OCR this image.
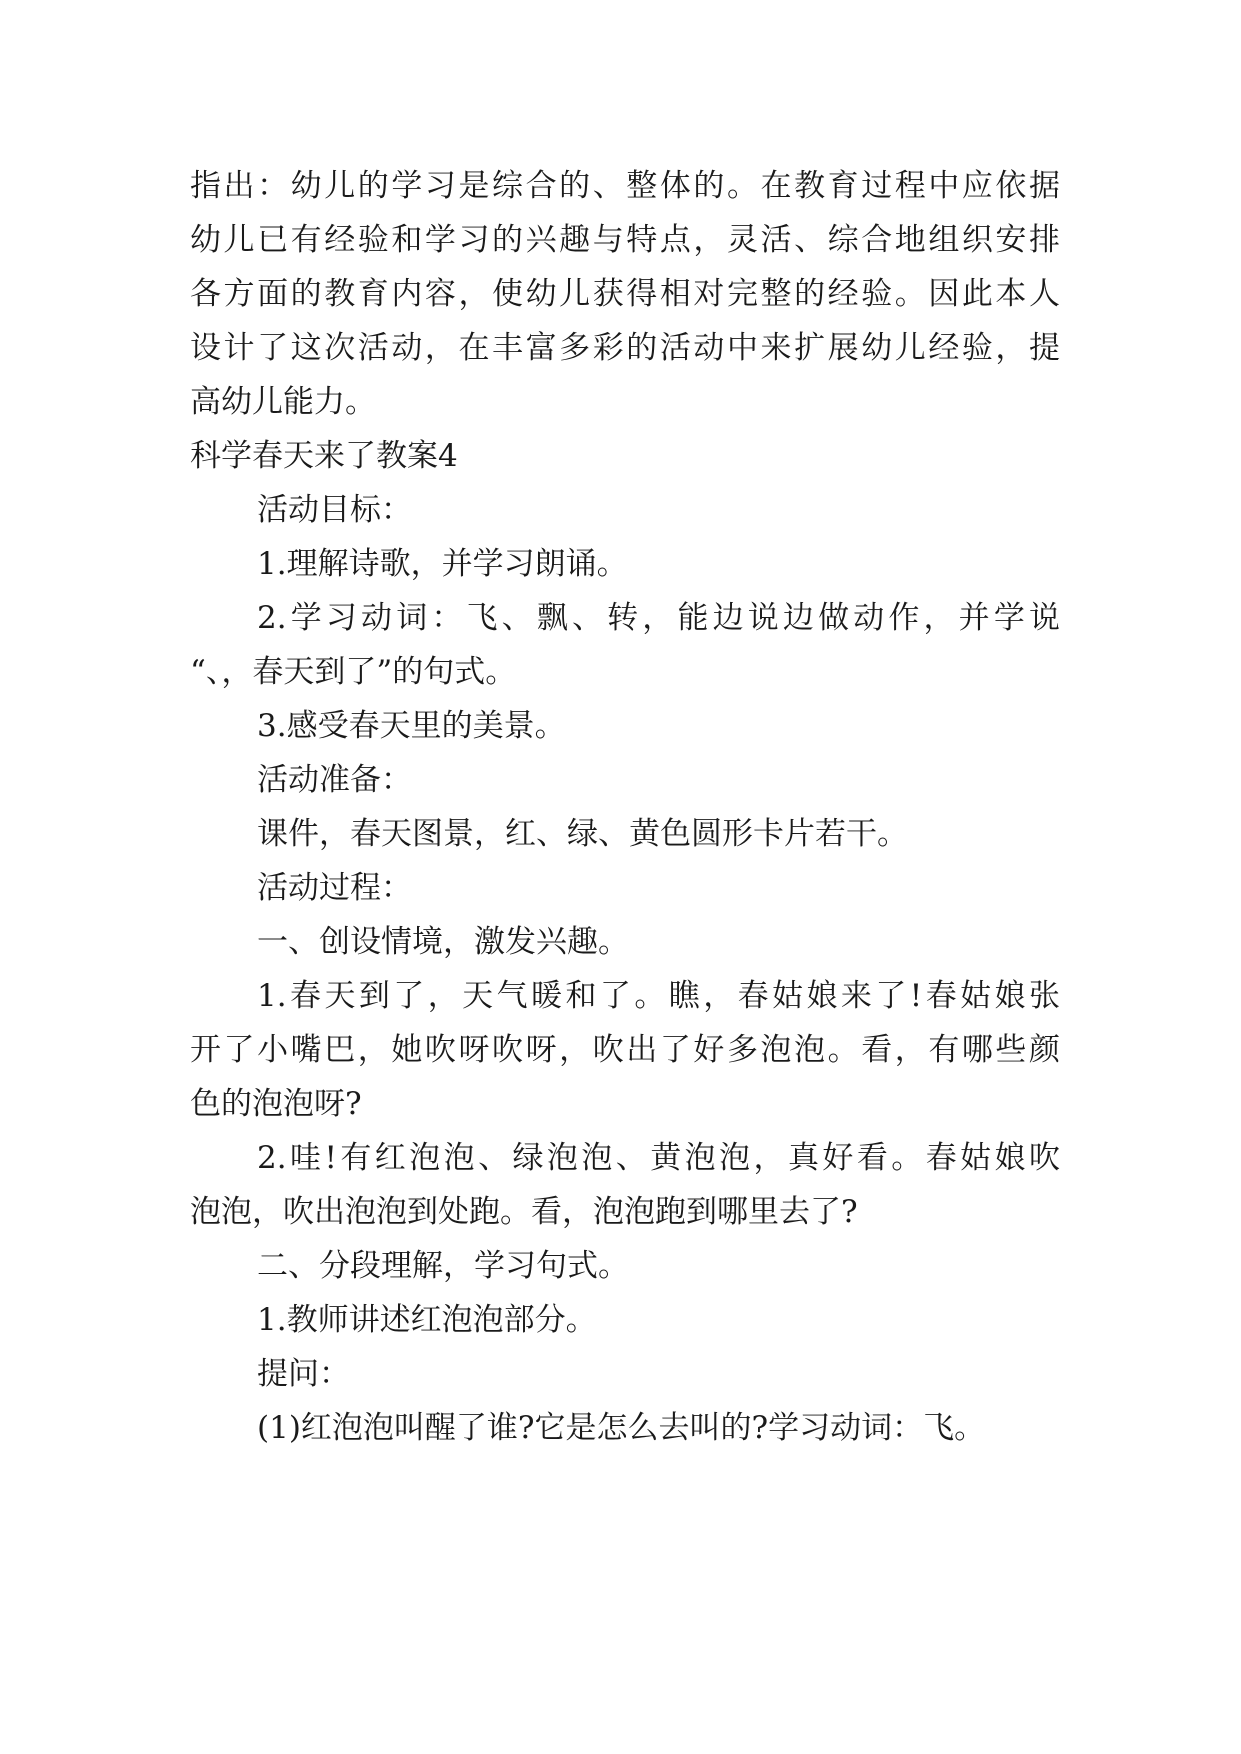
指出：幼儿的学习是综合的、整体的。在教育过程中应依据
幼儿已有经验和学习的兴趣与特点，灵活、综合地组织安排
各方面的教育内容，使幼儿获得相对完整的经验。因此本人
设计了这次活动，在丰富多彩的活动中来扩展幼儿经验，提
高幼儿能力。
科学春天来了教案4
活动目标：
1.理解诗歌，并学习朗诵。
2.学习动词：飞、飘、转，能边说边做动作，并学说
“、，春天到了”的句式。
3.感受春天里的美景。
活动准备：
课件，春天图景，红、绿、黄色圆形卡片若干。
活动过程：
一、创设情境，激发兴趣。
1.春天到了，天气暖和了。瞧，春姑娘来了!春姑娘张
开了小嘴巴，她吹呀吹呀，吹出了好多泡泡。看，有哪些颜
色的泡泡呀?
2.哇!有红泡泡、绿泡泡、黄泡泡，真好看。春姑娘吹
泡泡，吹出泡泡到处跑。看，泡泡跑到哪里去了?
二、分段理解，学习句式。
1.教师讲述红泡泡部分。
提问：
(1)红泡泡叫醒了谁?它是怎么去叫的?学习动词：飞。
